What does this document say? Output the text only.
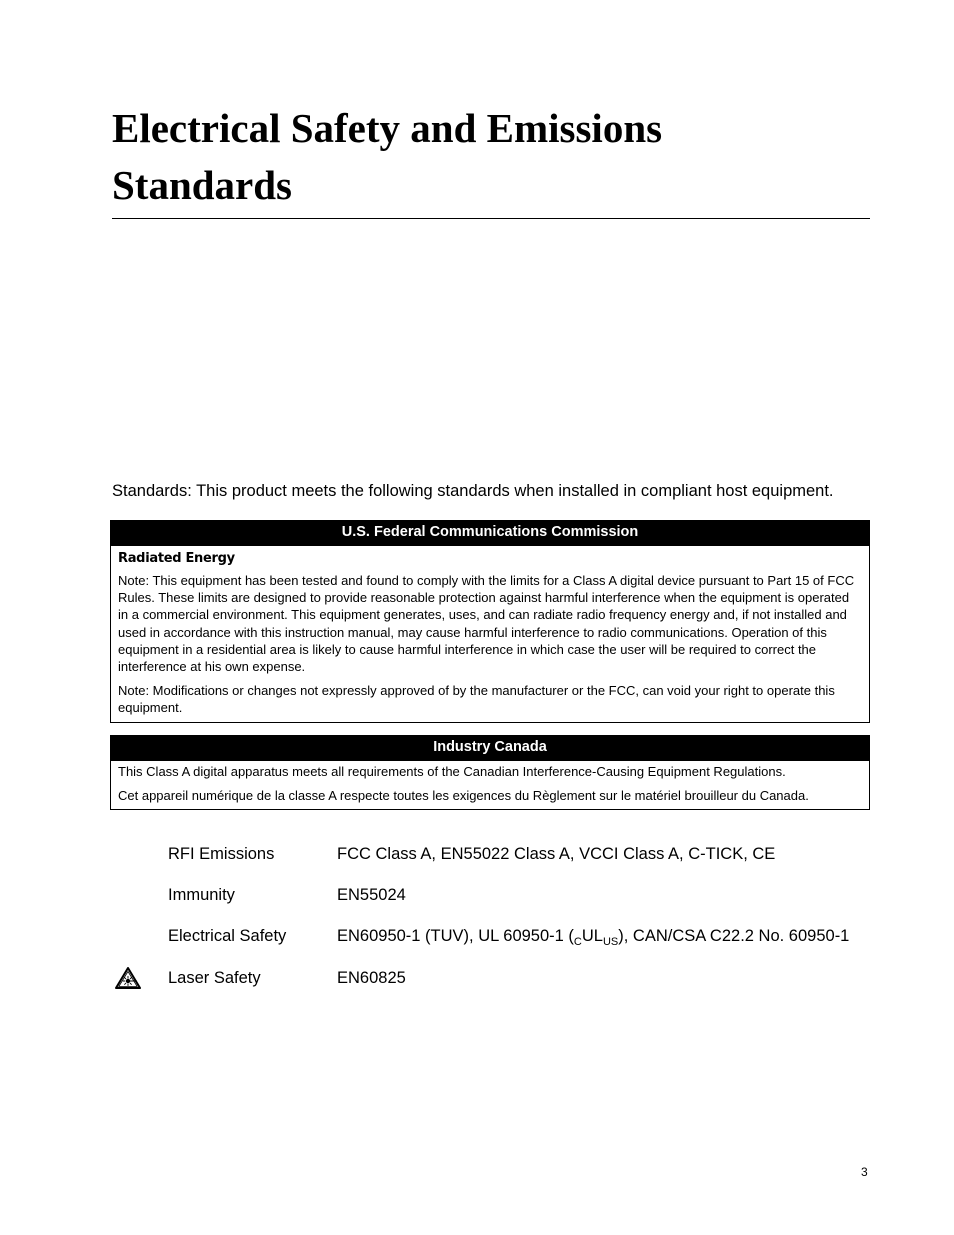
Electrical Safety and Emissions
Standards
Standards: This product meets the following standards when installed in compliant host equipment.
U.S. Federal Communications Commission
Radiated Energy

Note: This equipment has been tested and found to comply with the limits for a Class A digital device pursuant to Part 15 of FCC Rules. These limits are designed to provide reasonable protection against harmful interference when the equipment is operated in a commercial environment. This equipment generates, uses, and can radiate radio frequency energy and, if not installed and used in accordance with this instruction manual, may cause harmful interference to radio communications. Operation of this equipment in a residential area is likely to cause harmful interference in which case the user will be required to correct the interference at his own expense.

Note: Modifications or changes not expressly approved of by the manufacturer or the FCC, can void your right to operate this equipment.

Industry Canada

This Class A digital apparatus meets all requirements of the Canadian Interference-Causing Equipment Regulations.

Cet appareil numérique de la classe A respecte toutes les exigences du Règlement sur le matériel brouilleur du Canada.

RFI Emissions	FCC Class A, EN55022 Class A, VCCI Class A, C-TICK, CE
Immunity	EN55024
Electrical Safety	EN60950-1 (TUV), UL 60950-1 $(_CUL_{US})$, CAN/CSA C22.2 No. 60950-1
Laser Safety	EN60825
3
